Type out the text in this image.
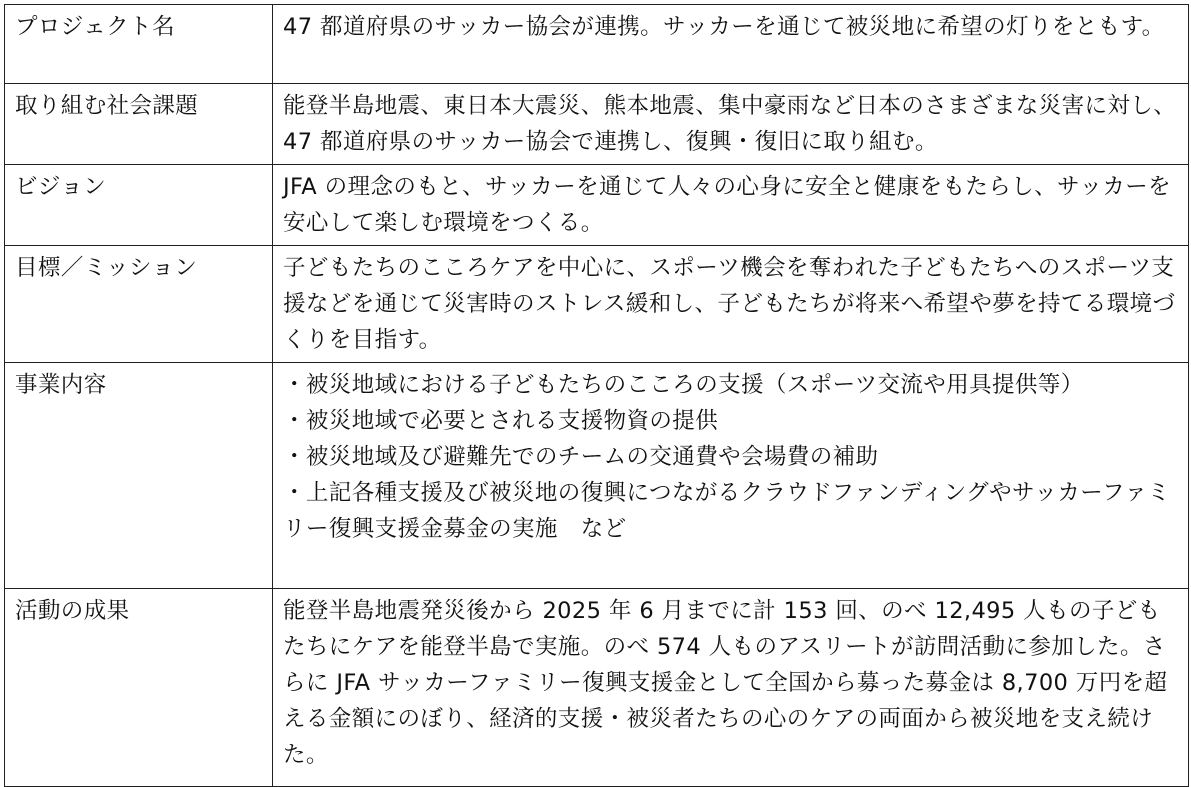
プロジェクト名	47 都道府県のサッカー協会が連携。サッカーを通じて被災地に希望の灯りをともす。
取り組む社会課題	能登半島地震、東日本大震災、熊本地震、集中豪雨など日本のさまざまな災害に対し、47 都道府県のサッカー協会で連携し、復興・復旧に取り組む。
ビジョン	JFA の理念のもと、サッカーを通じて人々の心身に安全と健康をもたらし、サッカーを安心して楽しむ環境をつくる。
目標／ミッション	子どもたちのこころケアを中心に、スポーツ機会を奪われた子どもたちへのスポーツ支援などを通じて災害時のストレス緩和し、子どもたちが将来へ希望や夢を持てる環境づくりを目指す。
事業内容	・被災地域における子どもたちのこころの支援（スポーツ交流や用具提供等）
・被災地域で必要とされる支援物資の提供
・被災地域及び避難先でのチームの交通費や会場費の補助
・上記各種支援及び被災地の復興につながるクラウドファンディングやサッカーファミリー復興支援金募金の実施　など

活動の成果	能登半島地震発災後から 2025 年 6 月までに計 153 回、のべ 12,495 人もの子どもたちにケアを能登半島で実施。のべ 574 人ものアスリートが訪問活動に参加した。さらに JFA サッカーファミリー復興支援金として全国から募った募金は 8,700 万円を超える金額にのぼり、経済的支援・被災者たちの心のケアの両面から被災地を支え続けた。
